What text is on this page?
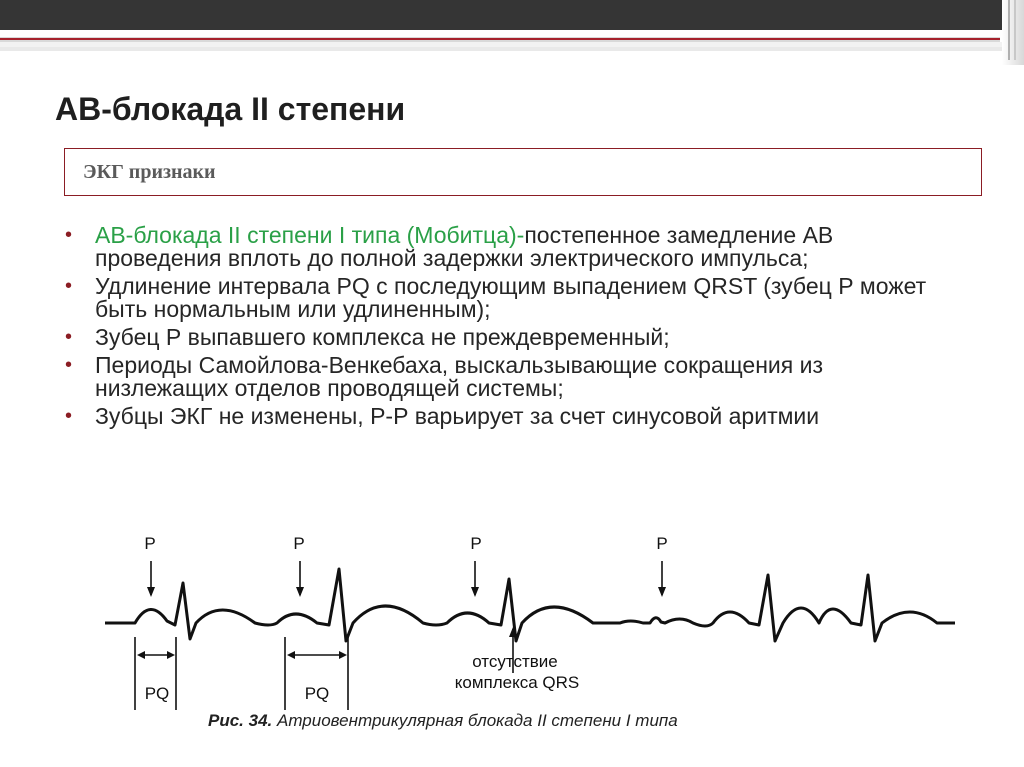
АВ-блокада II степени
ЭКГ признаки
• АВ-блокада II степени I типа (Мобитца)-постепенное замедление АВ проведения вплоть до полной задержки электрического импульса;
• Удлинение интервала PQ с последующим выпадением QRST (зубец Р может быть нормальным или удлиненным);
• Зубец Р выпавшего комплекса не преждевременный;
• Периоды Самойлова-Венкебаха, выскальзывающие сокращения из низлежащих отделов проводящей системы;
• Зубцы ЭКГ не изменены, Р-Р варьирует за счет синусовой аритмии
P	P	P	P
PQ	PQ
отсутствие
комплекса QRS
Рис. 34. Атриовентрикулярная блокада II степени I типа
